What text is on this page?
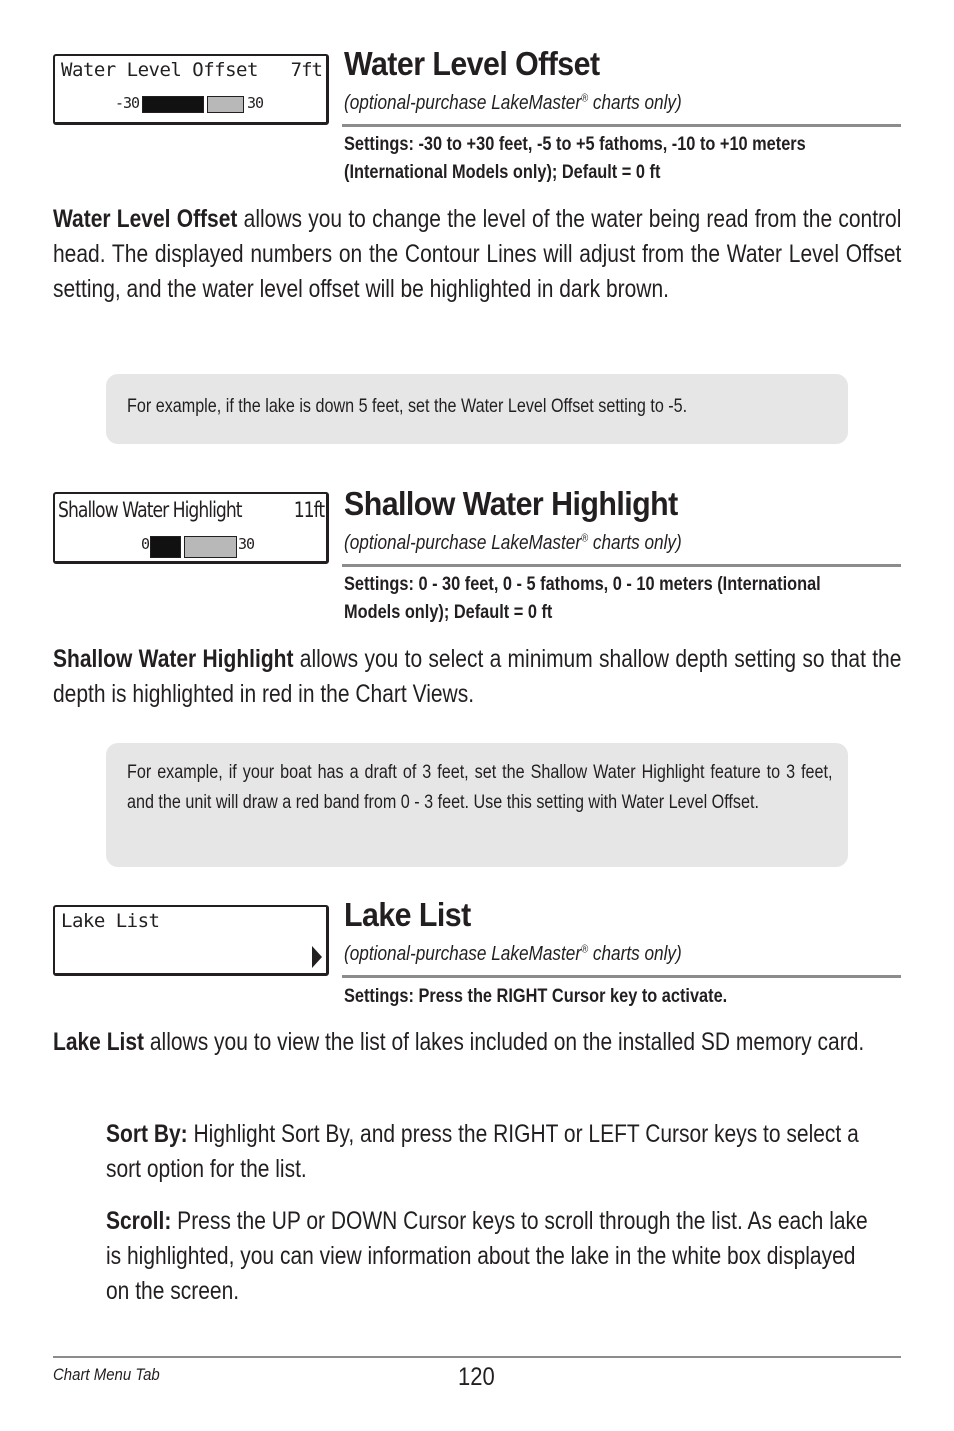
Water Level Offset 7ft
-30	30
Water Level Offset
(optional-purchase LakeMaster® charts only)
Settings: -30 to +30 feet, -5 to +5 fathoms, -10 to +10 meters (International Models only); Default = 0 ft
Water Level Offset allows you to change the level of the water being read from the control head. The displayed numbers on the Contour Lines will adjust from the Water Level Offset setting, and the water level offset will be highlighted in dark brown.
For example, if the lake is down 5 feet, set the Water Level Offset setting to -5.
Shallow Water Highlight 11ft
0	30
Shallow Water Highlight
(optional-purchase LakeMaster® charts only)
Settings: 0 - 30 feet, 0 - 5 fathoms, 0 - 10 meters (International Models only); Default = 0 ft
Shallow Water Highlight allows you to select a minimum shallow depth setting so that the depth is highlighted in red in the Chart Views.
For example, if your boat has a draft of 3 feet, set the Shallow Water Highlight feature to 3 feet, and the unit will draw a red band from 0 - 3 feet. Use this setting with Water Level Offset.
Lake List	Lake List
(optional-purchase LakeMaster® charts only)
Settings: Press the RIGHT Cursor key to activate.
Lake List allows you to view the list of lakes included on the installed SD memory card.
Sort By: Highlight Sort By, and press the RIGHT or LEFT Cursor keys to select a sort option for the list.
Scroll: Press the UP or DOWN Cursor keys to scroll through the list. As each lake is highlighted, you can view information about the lake in the white box displayed on the screen.
Chart Menu Tab	120
